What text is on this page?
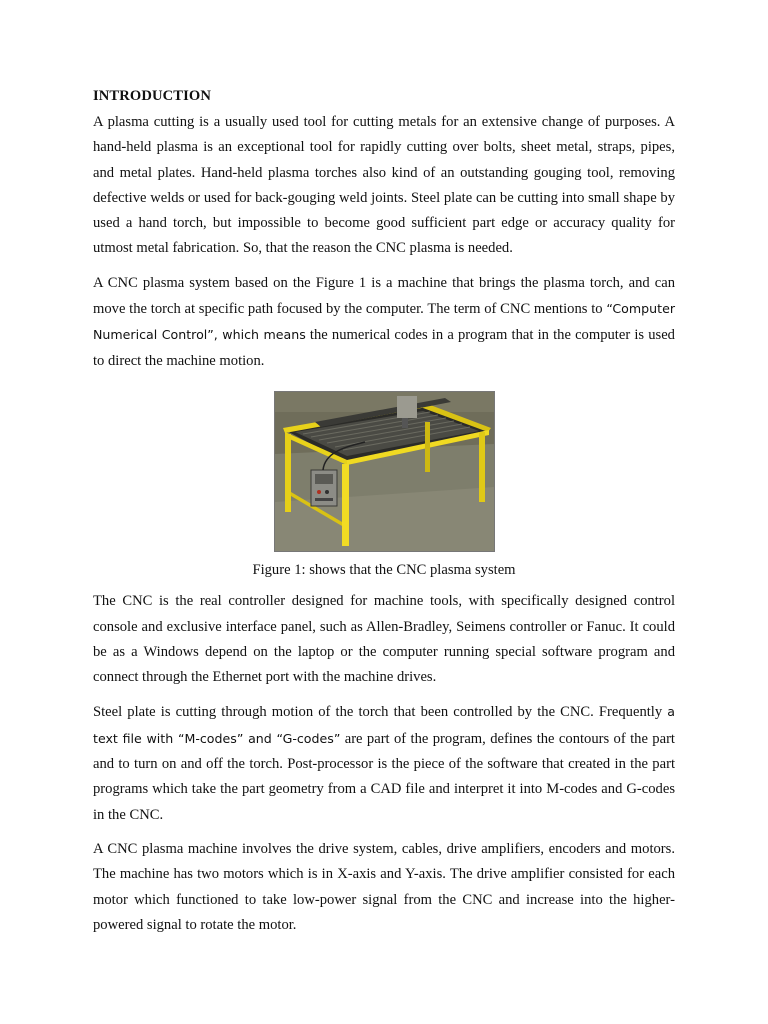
INTRODUCTION

A plasma cutting is a usually used tool for cutting metals for an extensive change of purposes. A hand-held plasma is an exceptional tool for rapidly cutting over bolts, sheet metal, straps, pipes, and metal plates. Hand-held plasma torches also kind of an outstanding gouging tool, removing defective welds or used for back-gouging weld joints. Steel plate can be cutting into small shape by used a hand torch, but impossible to become good sufficient part edge or accuracy quality for utmost metal fabrication. So, that the reason the CNC plasma is needed.

A CNC plasma system based on the Figure 1 is a machine that brings the plasma torch, and can move the torch at specific path focused by the computer. The term of CNC mentions to “Computer Numerical Control”, which means the numerical codes in a program that in the computer is used to direct the machine motion.

Figure 1: shows that the CNC plasma system

The CNC is the real controller designed for machine tools, with specifically designed control console and exclusive interface panel, such as Allen-Bradley, Seimens controller or Fanuc. It could be as a Windows depend on the laptop or the computer running special software program and connect through the Ethernet port with the machine drives.

Steel plate is cutting through motion of the torch that been controlled by the CNC. Frequently a text file with “M-codes” and “G-codes” are part of the program, defines the contours of the part and to turn on and off the torch. Post-processor is the piece of the software that created in the part programs which take the part geometry from a CAD file and interpret it into M-codes and G-codes in the CNC.

A CNC plasma machine involves the drive system, cables, drive amplifiers, encoders and motors. The machine has two motors which is in X-axis and Y-axis. The drive amplifier consisted for each motor which functioned to take low-power signal from the CNC and increase into the higher-powered signal to rotate the motor.
